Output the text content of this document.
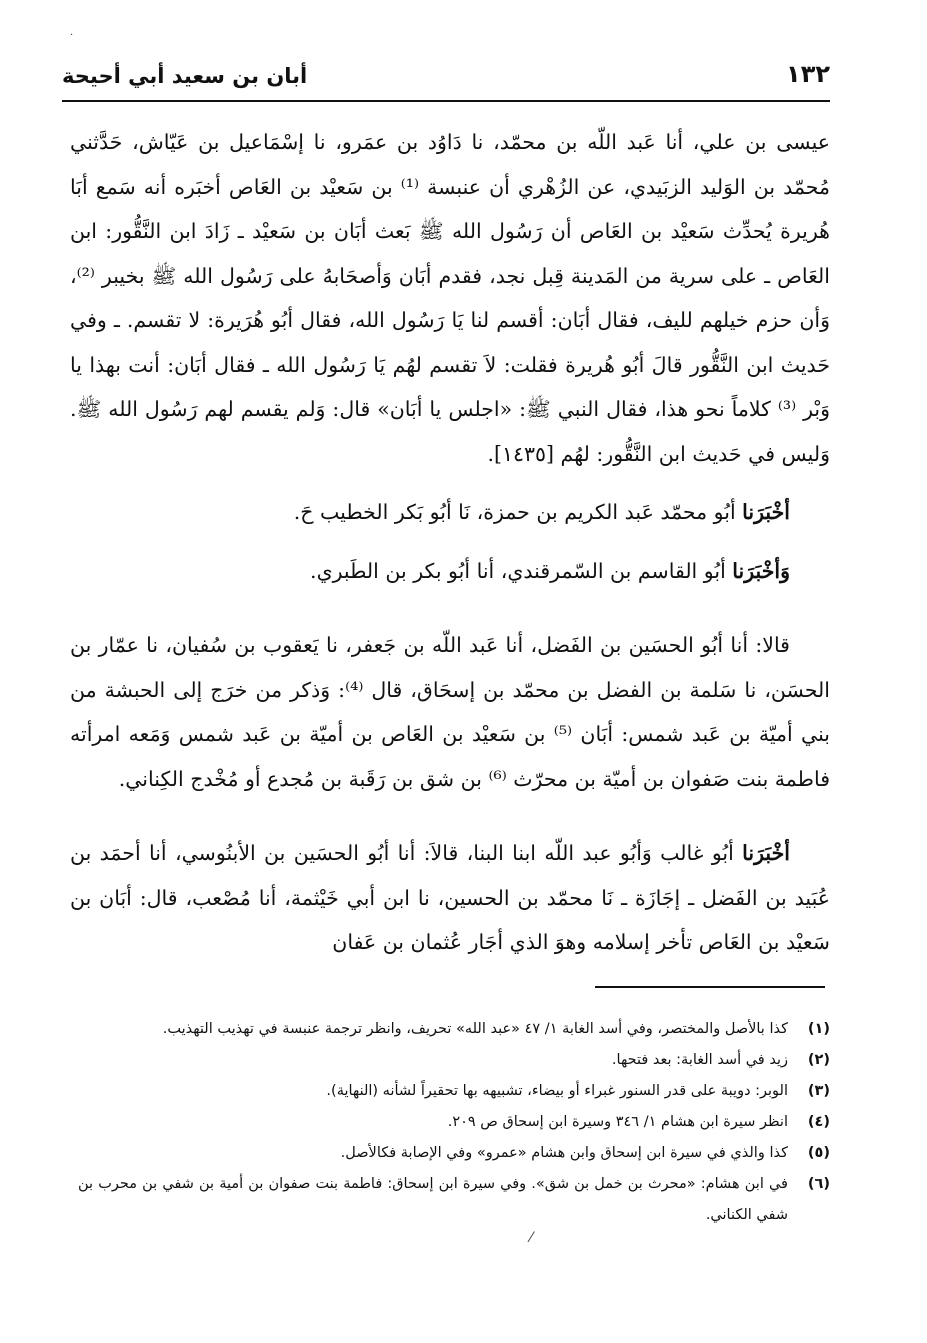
·
أبان بن سعيد أبي أحيحة	١٣٢

عيسى بن علي، أنا عَبد اللّه بن محمّد، نا دَاوُد بن عمَرو، نا إسْمَاعيل بن عَيّاش، حَدَّثني مُحمّد بن الوَليد الزبَيدي، عن الزُهْري أن عنبسة ⁽¹⁾ بن سَعيْد بن العَاص أخبَره أنه سَمع أبَا هُريرة يُحدِّث سَعيْد بن العَاص أن رَسُول الله ﷺ بَعث أبَان بن سَعيْد ـ زَادَ ابن النَّقُّور: ابن العَاص ـ على سرية من المَدينة قِبل نجد، فقدم أبَان وَأصحَابهُ على رَسُول الله ﷺ بخيبر ⁽²⁾، وَأن حزم خيلهم لليف، فقال أبَان: أقسم لنا يَا رَسُول الله، فقال أبُو هُرَيرة: لا تقسم. ـ وفي حَديث ابن النَّقُّور قالَ أبُو هُريرة فقلت: لاَ تقسم لهُم يَا رَسُول الله ـ فقال أبَان: أنت بهذا يا وَبْر ⁽³⁾ كلاماً نحو هذا، فقال النبي ﷺ: «اجلس يا أبَان» قال: وَلم يقسم لهم رَسُول الله ﷺ. وَليس في حَديث ابن النَّقُّور: لهُم [١٤٣٥].

أخْبَرَنا أبُو محمّد عَبد الكريم بن حمزة، نَا أبُو بَكر الخطيب حَ.

وَأخْبَرَنا أبُو القاسم بن السّمرقندي، أنا أبُو بكر بن الطَبري.

قالا: أنا أبُو الحسَين بن الفَضل، أنا عَبد اللّه بن جَعفر، نا يَعقوب بن سُفيان، نا عمّار بن الحسَن، نا سَلمة بن الفضل بن محمّد بن إسحَاق، قال ⁽⁴⁾: وَذكر من خرَج إلى الحبشة من بني أميّة بن عَبد شمس: أبَان ⁽⁵⁾ بن سَعيْد بن العَاص بن أميّة بن عَبد شمس وَمَعه امرأته فاطمة بنت صَفوان بن أميّة بن محرّث ⁽⁶⁾ بن شق بن رَقَبة بن مُجدع أو مُخْدج الكِناني.

أخْبَرَنا أبُو غالب وَأبُو عبد اللّه ابنا البنا، قالاَ: أنا أبُو الحسَين بن الأبنُوسي، أنا أحمَد بن عُبَيد بن الفَضل ـ إجَازَة ـ نَا محمّد بن الحسين، نا ابن أبي خَيْثمة، أنا مُصْعب، قال: أبَان بن سَعيْد بن العَاص تأخر إسلامه وهوَ الذي أجَار عُثمان بن عَفان

(١)
كذا بالأصل والمختصر، وفي أسد الغابة ١/ ٤٧ «عبد الله» تحريف، وانظر ترجمة عنبسة في تهذيب التهذيب.
(٢)
زيد في أسد الغابة: بعد فتحها.
(٣)
الوبر: دويبة على قدر السنور غبراء أو بيضاء، تشبيهه بها تحقيراً لشأنه (النهاية).
(٤)
انظر سيرة ابن هشام ١/ ٣٤٦ وسيرة ابن إسحاق ص ٢٠٩.
(٥)
كذا والذي في سيرة ابن إسحاق وابن هشام «عمرو» وفي الإصابة فكالأصل.
(٦)
في ابن هشام: «محرث بن خمل بن شق». وفي سيرة ابن إسحاق: فاطمة بنت صفوان بن أمية بن شفي بن محرب بن شفي الكناني.
⁄
